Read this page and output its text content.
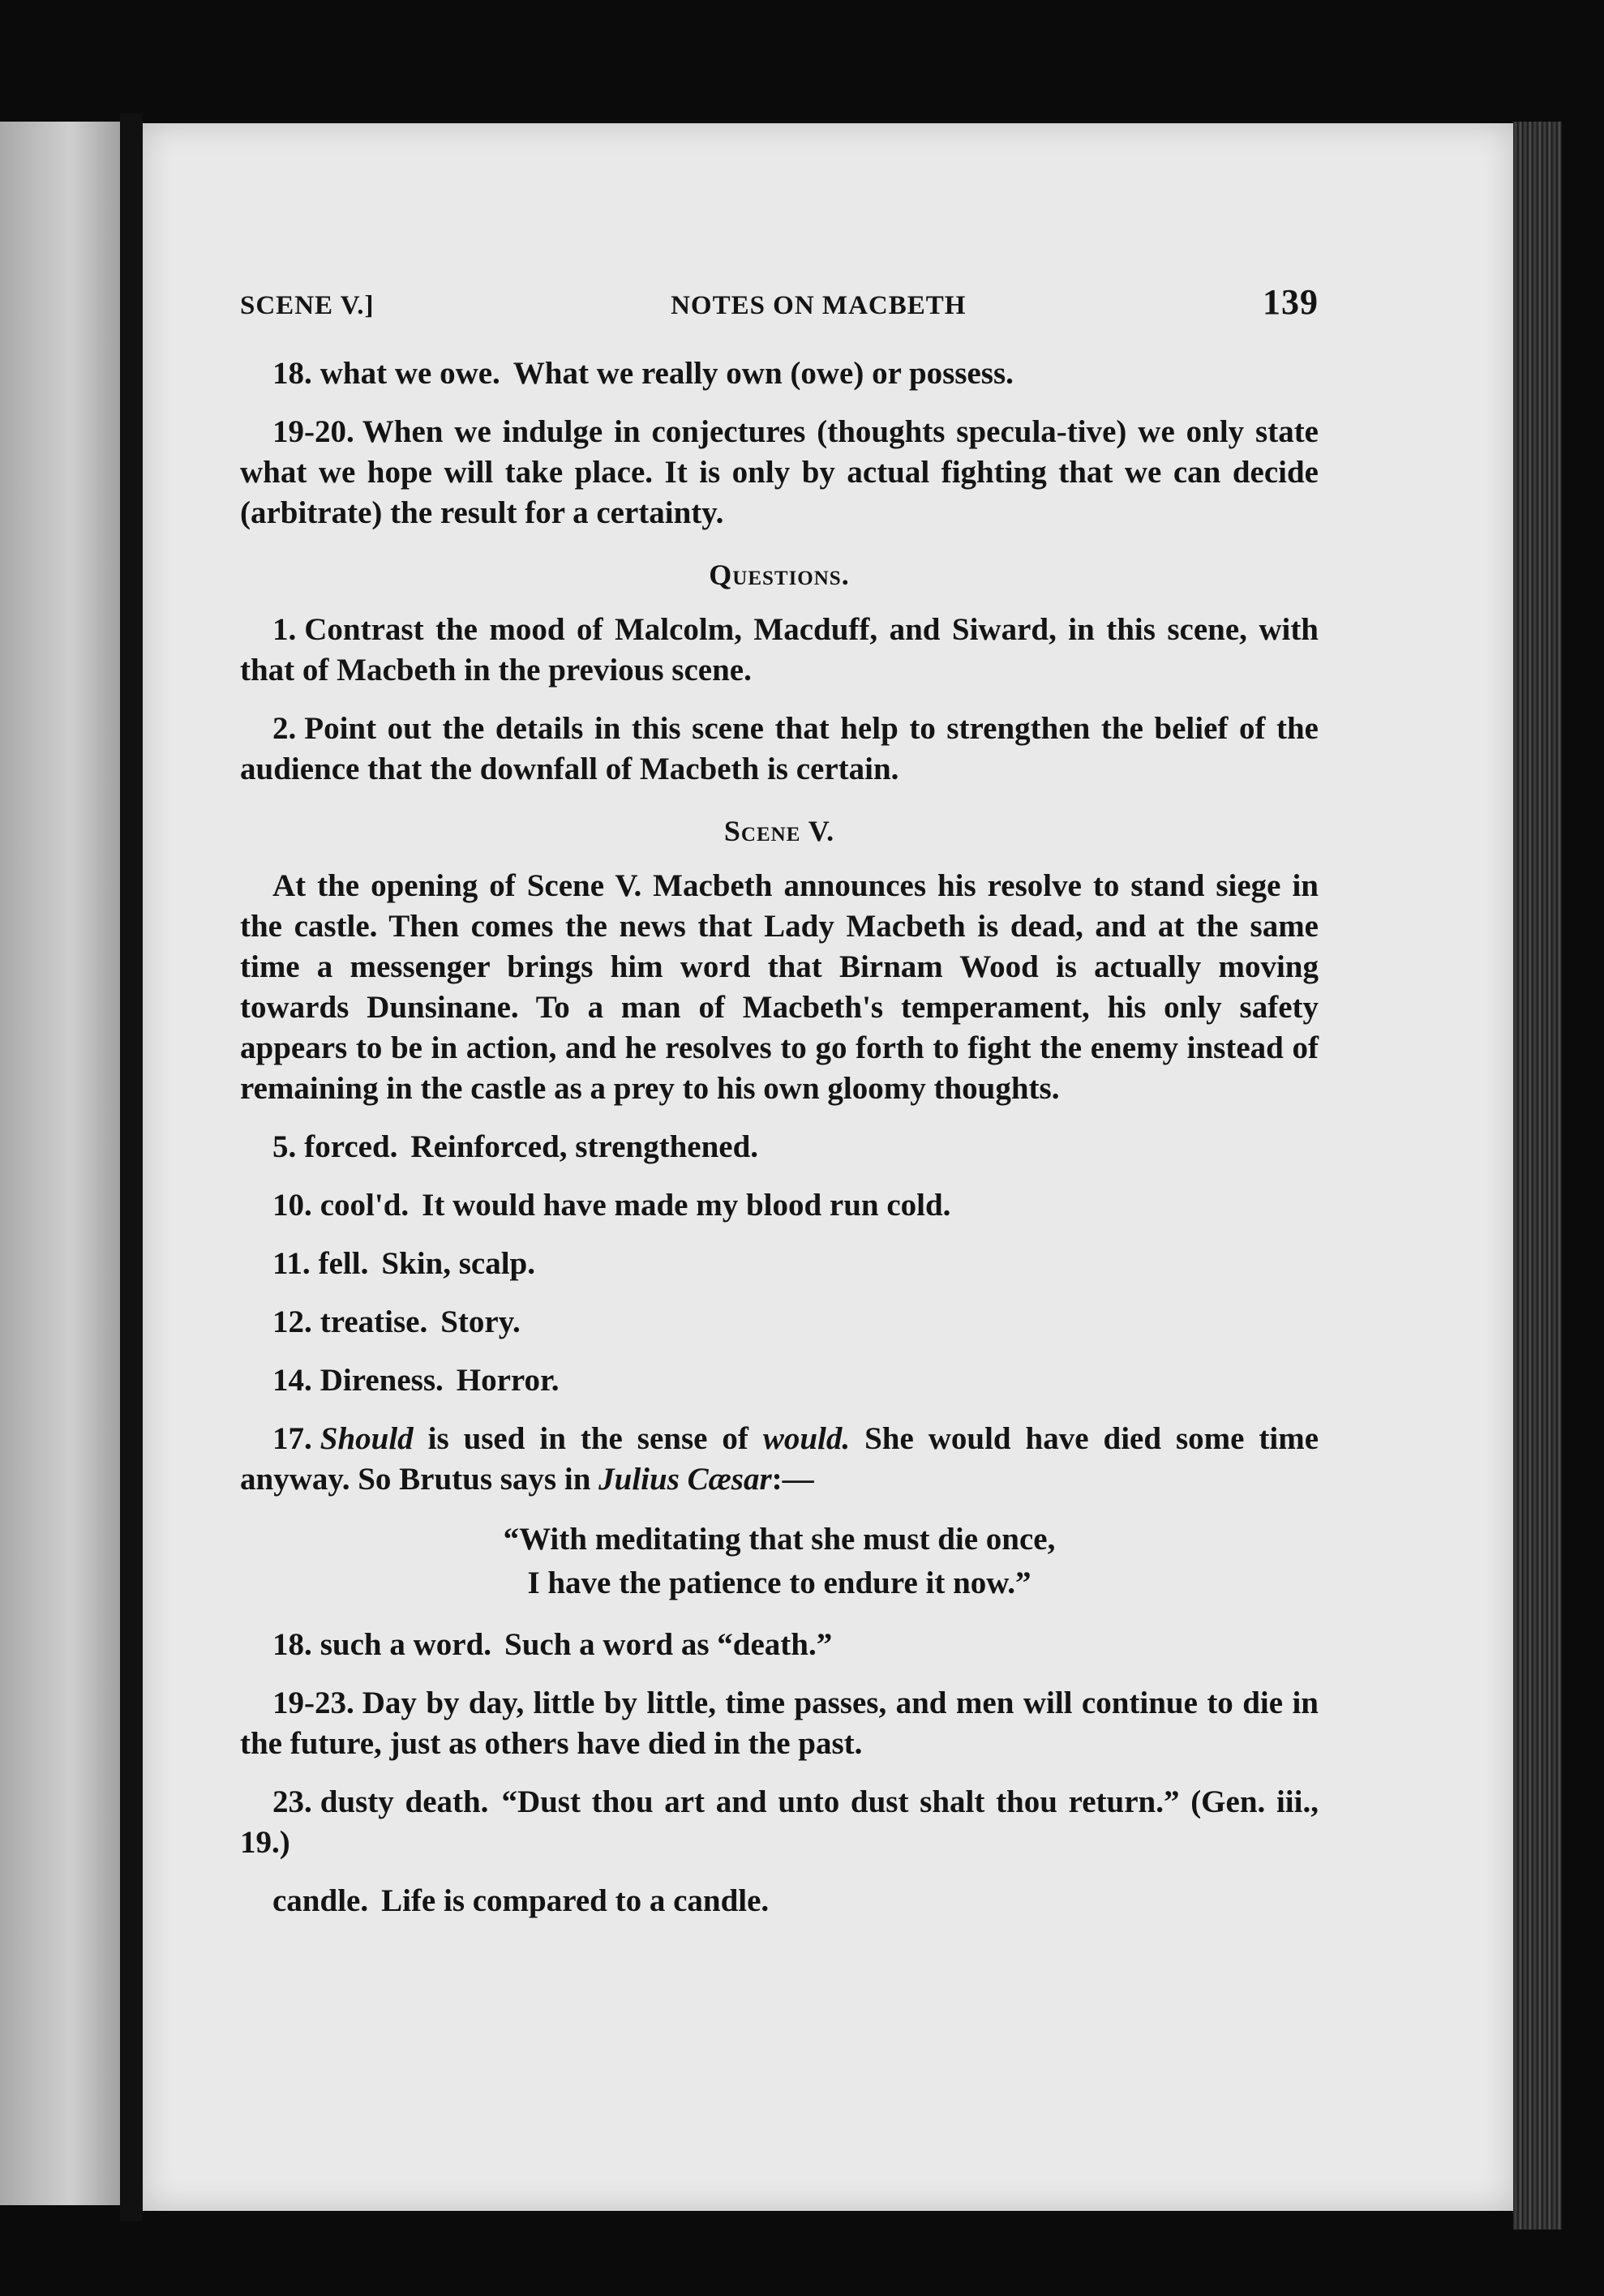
SCENE V.]	NOTES ON MACBETH	139

18. what we owe. What we really own (owe) or possess.

19-20. When we indulge in conjectures (thoughts specula-tive) we only state what we hope will take place. It is only by actual fighting that we can decide (arbitrate) the result for a certainty.

Questions.

1. Contrast the mood of Malcolm, Macduff, and Siward, in this scene, with that of Macbeth in the previous scene.

2. Point out the details in this scene that help to strengthen the belief of the audience that the downfall of Macbeth is certain.

Scene V.

At the opening of Scene V. Macbeth announces his resolve to stand siege in the castle. Then comes the news that Lady Macbeth is dead, and at the same time a messenger brings him word that Birnam Wood is actually moving towards Dunsinane. To a man of Macbeth's temperament, his only safety appears to be in action, and he resolves to go forth to fight the enemy instead of remaining in the castle as a prey to his own gloomy thoughts.

5. forced. Reinforced, strengthened.

10. cool'd. It would have made my blood run cold.

11. fell. Skin, scalp.

12. treatise. Story.

14. Direness. Horror.

17. Should is used in the sense of would. She would have died some time anyway. So Brutus says in Julius Cæsar:—

“With meditating that she must die once,
I have the patience to endure it now.”

18. such a word. Such a word as “death.”

19-23. Day by day, little by little, time passes, and men will continue to die in the future, just as others have died in the past.

23. dusty death. “Dust thou art and unto dust shalt thou return.” (Gen. iii., 19.)

candle. Life is compared to a candle.
